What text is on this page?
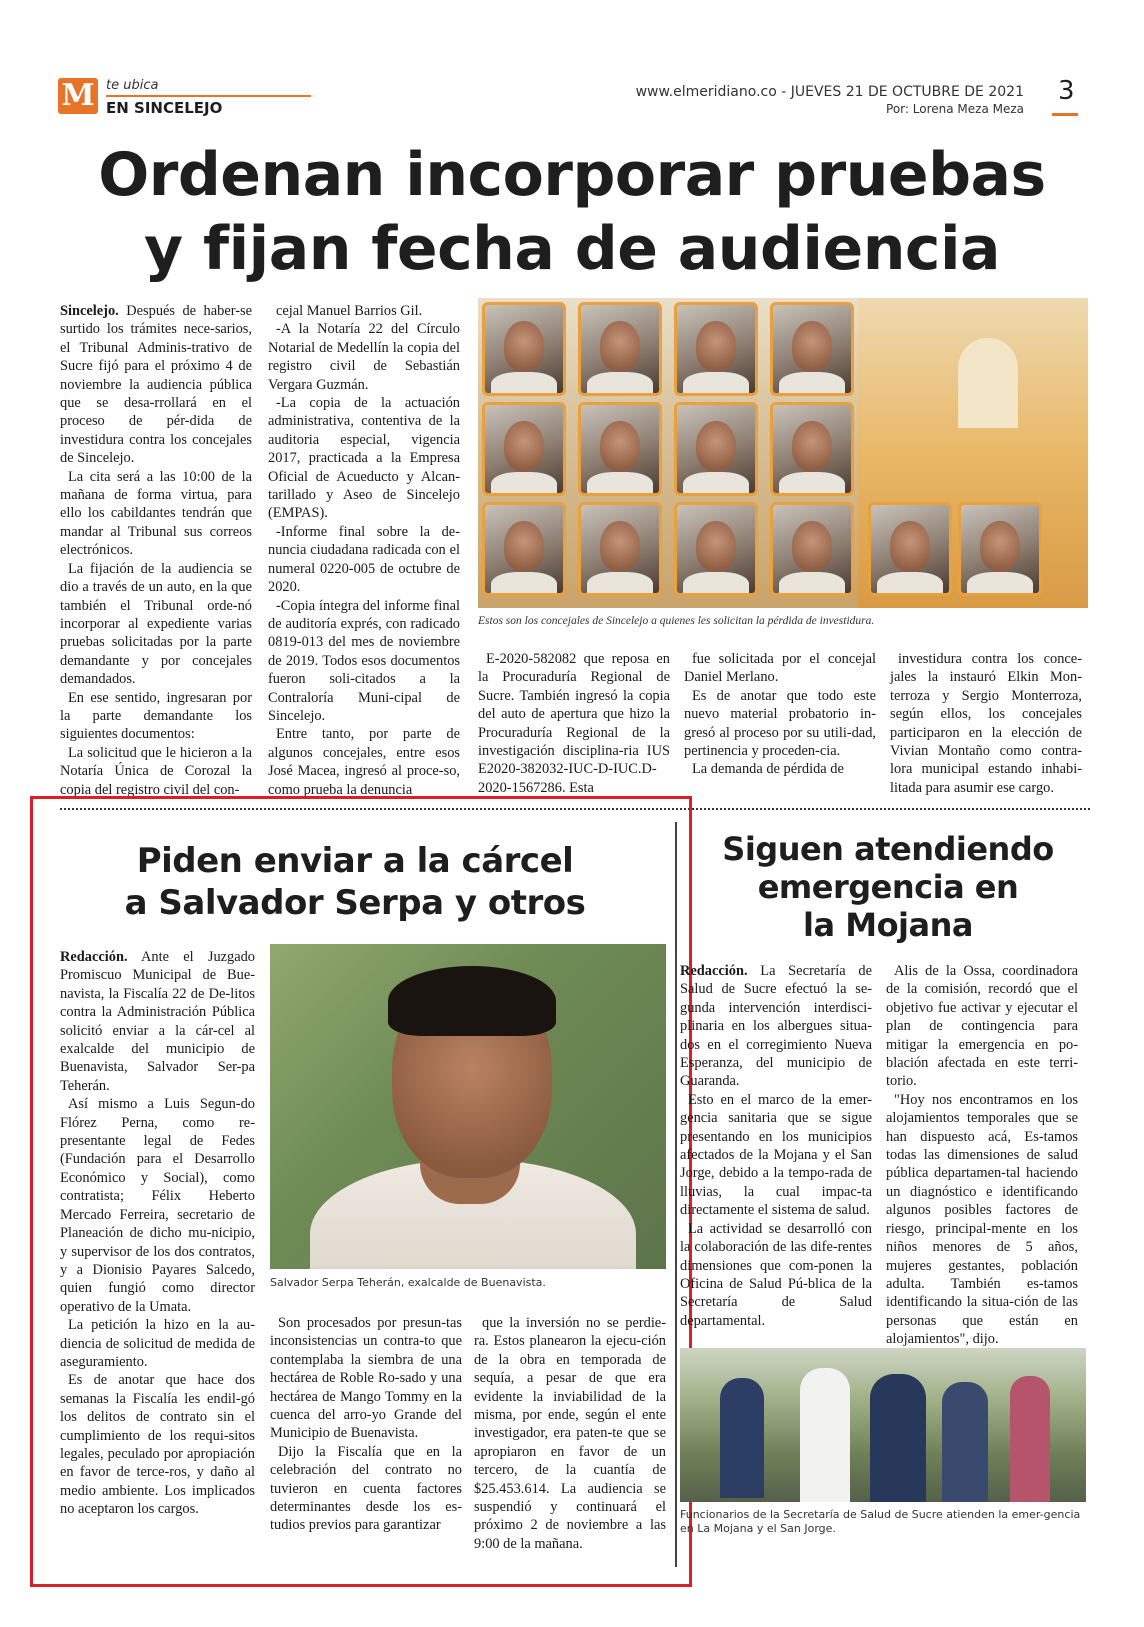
M te ubica
EN SINCELEJO
www.elmeridiano.co - JUEVES 21 DE OCTUBRE DE 2021
Por: Lorena Meza Meza
3
Ordenan incorporar pruebas
y fijan fecha de audiencia

Sincelejo. Después de haber-se surtido los trámites nece-sarios, el Tribunal Adminis-trativo de Sucre fijó para el próximo 4 de noviembre la audiencia pública que se desa-rrollará en el proceso de pér-dida de investidura contra los concejales de Sincelejo.

La cita será a las 10:00 de la mañana de forma virtua, para ello los cabildantes tendrán que mandar al Tribunal sus correos electrónicos.

La fijación de la audiencia se dio a través de un auto, en la que también el Tribunal orde-nó incorporar al expediente varias pruebas solicitadas por la parte demandante y por concejales demandados.

En ese sentido, ingresaran por la parte demandante los siguientes documentos:

La solicitud que le hicieron a la Notaría Única de Corozal la copia del registro civil del con-

cejal Manuel Barrios Gil.

-A la Notaría 22 del Círculo Notarial de Medellín la copia del registro civil de Sebastián Vergara Guzmán.

-La copia de la actuación administrativa, contentiva de la auditoria especial, vigencia 2017, practicada a la Empresa Oficial de Acueducto y Alcan-tarillado y Aseo de Sincelejo (EMPAS).

-Informe final sobre la de-nuncia ciudadana radicada con el numeral 0220-005 de octubre de 2020.

-Copia íntegra del informe final de auditoría exprés, con radicado 0819-013 del mes de noviembre de 2019. Todos esos documentos fueron soli-citados a la Contraloría Muni-cipal de Sincelejo.

Entre tanto, por parte de algunos concejales, entre esos José Macea, ingresó al proce-so, como prueba la denuncia

Estos son los concejales de Sincelejo a quienes les solicitan la pérdida de investidura.

E-2020-582082 que reposa en la Procuraduría Regional de Sucre. También ingresó la copia del auto de apertura que hizo la Procuraduría Regional de la investigación disciplina-ria IUS E2020-382032-IUC-D-IUC.D-2020-1567286. Esta

fue solicitada por el concejal Daniel Merlano.

Es de anotar que todo este nuevo material probatorio in-gresó al proceso por su utili-dad, pertinencia y proceden-cia.

La demanda de pérdida de

investidura contra los conce-jales la instauró Elkin Mon-terroza y Sergio Monterroza, según ellos, los concejales participaron en la elección de Vivian Montaño como contra-lora municipal estando inhabi-litada para asumir ese cargo.

Piden enviar a la cárcel
a Salvador Serpa y otros

Redacción. Ante el Juzgado Promiscuo Municipal de Bue-navista, la Fiscalía 22 de De-litos contra la Administración Pública solicitó enviar a la cár-cel al exalcalde del municipio de Buenavista, Salvador Ser-pa Teherán.

Así mismo a Luis Segun-do Flórez Perna, como re-presentante legal de Fedes (Fundación para el Desarrollo Económico y Social), como contratista; Félix Heberto Mercado Ferreira, secretario de Planeación de dicho mu-nicipio, y supervisor de los dos contratos, y a Dionisio Payares Salcedo, quien fungió como director operativo de la Umata.

La petición la hizo en la au-diencia de solicitud de medida de aseguramiento.

Es de anotar que hace dos semanas la Fiscalía les endil-gó los delitos de contrato sin el cumplimiento de los requi-sitos legales, peculado por apropiación en favor de terce-ros, y daño al medio ambiente. Los implicados no aceptaron los cargos.

Salvador Serpa Teherán, exalcalde de Buenavista.

Son procesados por presun-tas inconsistencias un contra-to que contemplaba la siembra de una hectárea de Roble Ro-sado y una hectárea de Mango Tommy en la cuenca del arro-yo Grande del Municipio de Buenavista.

Dijo la Fiscalía que en la celebración del contrato no tuvieron en cuenta factores determinantes desde los es-tudios previos para garantizar

que la inversión no se perdie-ra. Estos planearon la ejecu-ción de la obra en temporada de sequía, a pesar de que era evidente la inviabilidad de la misma, por ende, según el ente investigador, era paten-te que se apropiaron en favor de un tercero, de la cuantía de $25.453.614. La audiencia se suspendió y continuará el próximo 2 de noviembre a las 9:00 de la mañana.

Siguen atendiendo
emergencia en
la Mojana

Redacción. La Secretaría de Salud de Sucre efectuó la se-gunda intervención interdisci-plinaria en los albergues situa-dos en el corregimiento Nueva Esperanza, del municipio de Guaranda.

Esto en el marco de la emer-gencia sanitaria que se sigue presentando en los municipios afectados de la Mojana y el San Jorge, debido a la tempo-rada de lluvias, la cual impac-ta directamente el sistema de salud.

La actividad se desarrolló con la colaboración de las dife-rentes dimensiones que com-ponen la Oficina de Salud Pú-blica de la Secretaría de Salud departamental.

Alis de la Ossa, coordinadora de la comisión, recordó que el objetivo fue activar y ejecutar el plan de contingencia para mitigar la emergencia en po-blación afectada en este terri-torio.

"Hoy nos encontramos en los alojamientos temporales que se han dispuesto acá, Es-tamos todas las dimensiones de salud pública departamen-tal haciendo un diagnóstico e identificando algunos posibles factores de riesgo, principal-mente en los niños menores de 5 años, mujeres gestantes, población adulta. También es-tamos identificando la situa-ción de las personas que están en alojamientos", dijo.

Funcionarios de la Secretaría de Salud de Sucre atienden la emer-gencia en La Mojana y el San Jorge.
